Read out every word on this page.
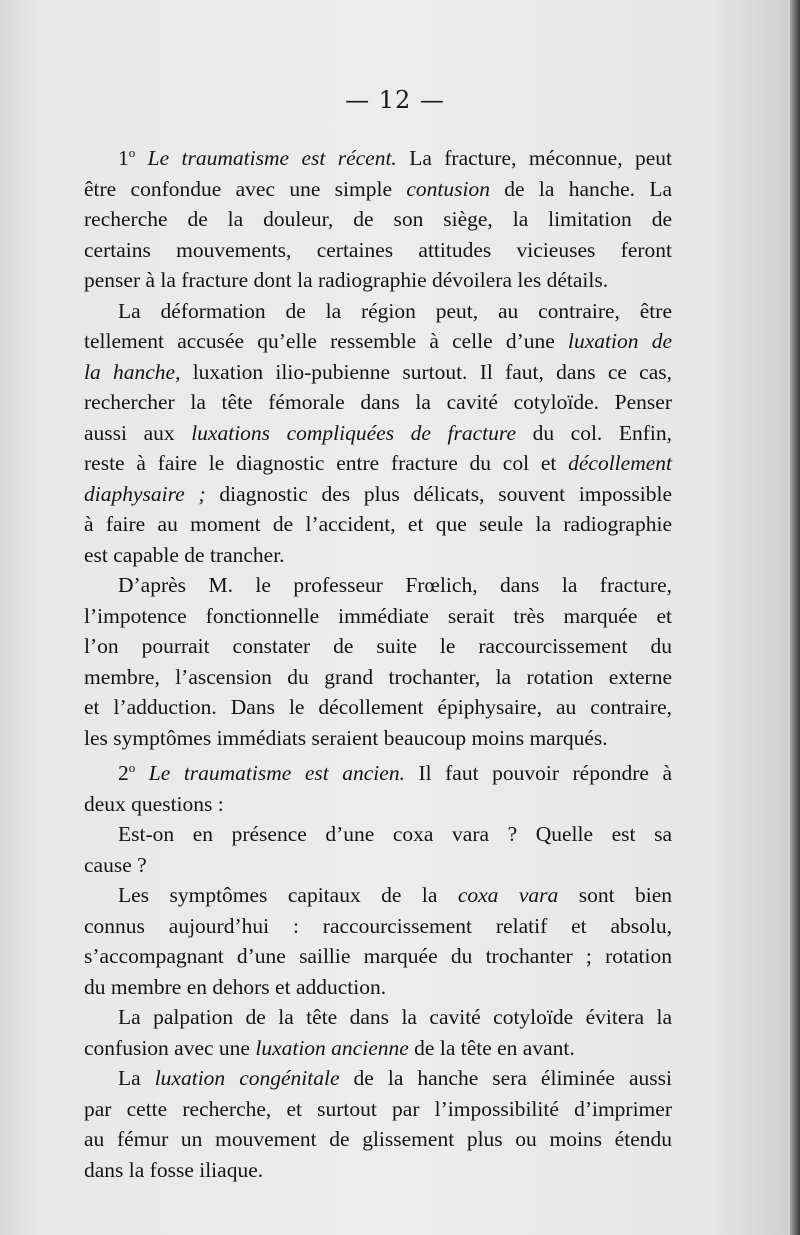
— 12 —
1$^o$ Le traumatisme est récent. La fracture, méconnue, peut
être confondue avec une simple contusion de la hanche. La
recherche de la douleur, de son siège, la limitation de
certains mouvements, certaines attitudes vicieuses feront
penser à la fracture dont la radiographie dévoilera les détails.
La déformation de la région peut, au contraire, être
tellement accusée qu’elle ressemble à celle d’une luxation de
la hanche, luxation ilio-pubienne surtout. Il faut, dans ce cas,
rechercher la tête fémorale dans la cavité cotyloïde. Penser
aussi aux luxations compliquées de fracture du col. Enfin,
reste à faire le diagnostic entre fracture du col et décollement
diaphysaire ; diagnostic des plus délicats, souvent impossible
à faire au moment de l’accident, et que seule la radiographie
est capable de trancher.
D’après M. le professeur Frœlich, dans la fracture,
l’impotence fonctionnelle immédiate serait très marquée et
l’on pourrait constater de suite le raccourcissement du
membre, l’ascension du grand trochanter, la rotation externe
et l’adduction. Dans le décollement épiphysaire, au contraire,
les symptômes immédiats seraient beaucoup moins marqués.
2$^o$ Le traumatisme est ancien. Il faut pouvoir répondre à
deux questions :
Est-on en présence d’une coxa vara ? Quelle est sa
cause ?
Les symptômes capitaux de la coxa vara sont bien
connus aujourd’hui : raccourcissement relatif et absolu,
s’accompagnant d’une saillie marquée du trochanter ; rotation
du membre en dehors et adduction.
La palpation de la tête dans la cavité cotyloïde évitera la
confusion avec une luxation ancienne de la tête en avant.
La luxation congénitale de la hanche sera éliminée aussi
par cette recherche, et surtout par l’impossibilité d’imprimer
au fémur un mouvement de glissement plus ou moins étendu
dans la fosse iliaque.
